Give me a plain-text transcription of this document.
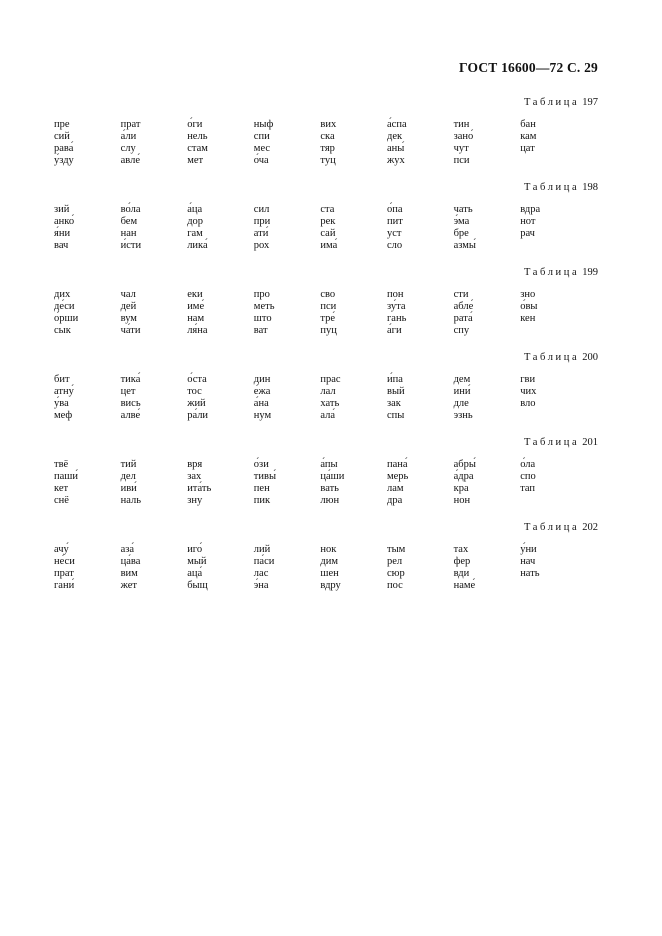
ГОСТ 16600—72 С. 29
Таблица 197
пре
сий
рава́
у́зду
прат
а́ли
слу
авле́
о́ги
нель
стам
мет
ныф
спи
мес
о́ча
вих
ска
тяр
туц
а́спа
дек
аны́
жух
тин
зано́
чут
пси
бан
кам
цат
Таблица 198
зий
анко́
я́ни
вач
во́ла
бем
нан
и́сти
а́ца
дор
гам
лика́
сил
при
ати́
рох
ста
рек
сай
има́
о́па
пит
уст
сло
чать
э́ма
бре
азмы́
вдра
нот
рач
Таблица 199
дих
де́си
о́рши
сык
чал
дей
вум
ча́ти
еки
име́
нам
ля́на
про
меть
што
ват
сво
пси
тре́
пуц
пон
зу́та
гань
а́ги
сти
абле́
рата́
спу
зно
о́вы
кен
Таблица 200
бит
атну́
у́ва
меф
тика́
цет
вись
алве́
о́ста
тос
жий
ра́ли
дин
е́жа
а́на
нум
прас
лал
хать
ала́
и́па
вый
зак
спы
дем
ини́
дле
эзнь
гви
чих
вло
Таблица 201
твё
паши́
кет
снё
тий
дел
иви́
наль
вря
зах
ита́ть
зну
о́зи
тивы́
пен
пик
а́пы
ца́ши
вать
люн
пана́
мерь
лам
дра
абры́
а́дра
кра
нон
о́ла
спо
тап
Таблица 202
ачу́
не́си
прат
гани́
аза́
ца́ва
вим
жет
иго́
мый
аца́
быщ
лий
па́си
лас
э́на
нок
дим
шен
вдру
тым
рел
сюр
пос
тах
фер
вди
наме́
у́ни
нач
нать
